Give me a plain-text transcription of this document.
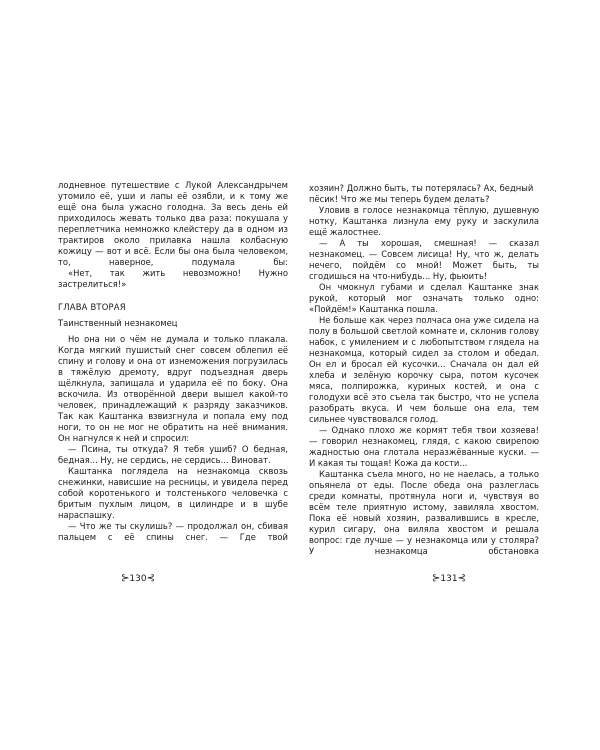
лодневное путешествие с Лукой Александрычем утомило её, уши и лапы её озябли, и к тому же ещё она была ужасно голодна. За весь день ей приходилось жевать только два раза: покушала у переплетчика немножко клейстеру да в одном из трактиров около прилавка нашла колбасную кожицу — вот и всё. Если бы она была человеком, то, наверное, подумала бы:

«Нет, так жить невозможно! Нужно застрелиться!»

ГЛАВА ВТОРАЯ

Таинственный незнакомец

Но она ни о чём не думала и только плакала. Когда мягкий пушистый снег совсем облепил её спину и голову и она от изнеможения погрузилась в тяжёлую дремоту, вдруг подъездная дверь щёлкнула, запищала и ударила её по боку. Она вскочила. Из отворённой двери вышел какой-то человек, принадлежащий к разряду заказчиков. Так как Каштанка взвизгнула и попала ему под ноги, то он не мог не обратить на неё внимания. Он нагнулся к ней и спросил:

— Псина, ты откуда? Я тебя ушиб? О бедная, бедная... Ну, не сердись, не сердись... Виноват.

Каштанка поглядела на незнакомца сквозь снежинки, нависшие на ресницы, и увидела перед собой коротенького и толстенького человечка с бритым пухлым лицом, в цилиндре и в шубе нараспашку.

— Что же ты скулишь? — продолжал он, сбивая пальцем с её спины снег. — Где твой

⊱130⊰

хозяин? Должно быть, ты потерялась? Ах, бедный пёсик! Что же мы теперь будем делать?

Уловив в голосе незнакомца тёплую, душевную нотку, Каштанка лизнула ему руку и заскулила ещё жалостнее.

— А ты хорошая, смешная! — сказал незнакомец. — Совсем лисица! Ну, что ж, делать нечего, пойдём со мной! Может быть, ты сгодишься на что-нибудь... Ну, фьюить!

Он чмокнул губами и сделал Каштанке знак рукой, который мог означать только одно: «Пойдём!» Каштанка пошла.

Не больше как через полчаса она уже сидела на полу в большой светлой комнате и, склонив голову набок, с умилением и с любопытством глядела на незнакомца, который сидел за столом и обедал. Он ел и бросал ей кусочки... Сначала он дал ей хлеба и зелёную корочку сыра, потом кусочек мяса, полпирожка, куриных костей, и она с голодухи всё это съела так быстро, что не успела разобрать вкуса. И чем больше она ела, тем сильнее чувствовался голод.

— Однако плохо же кормят тебя твои хозяева! — говорил незнакомец, глядя, с какою свирепою жадностью она глотала неразжёванные куски. — И какая ты тощая! Кожа да кости...

Каштанка съела много, но не наелась, а только опьянела от еды. После обеда она разлеглась среди комнаты, протянула ноги и, чувствуя во всём теле приятную истому, завиляла хвостом. Пока её новый хозяин, развалившись в кресле, курил сигару, она виляла хвостом и решала вопрос: где лучше — у незнакомца или у столяра? У незнакомца обстановка

⊱131⊰
